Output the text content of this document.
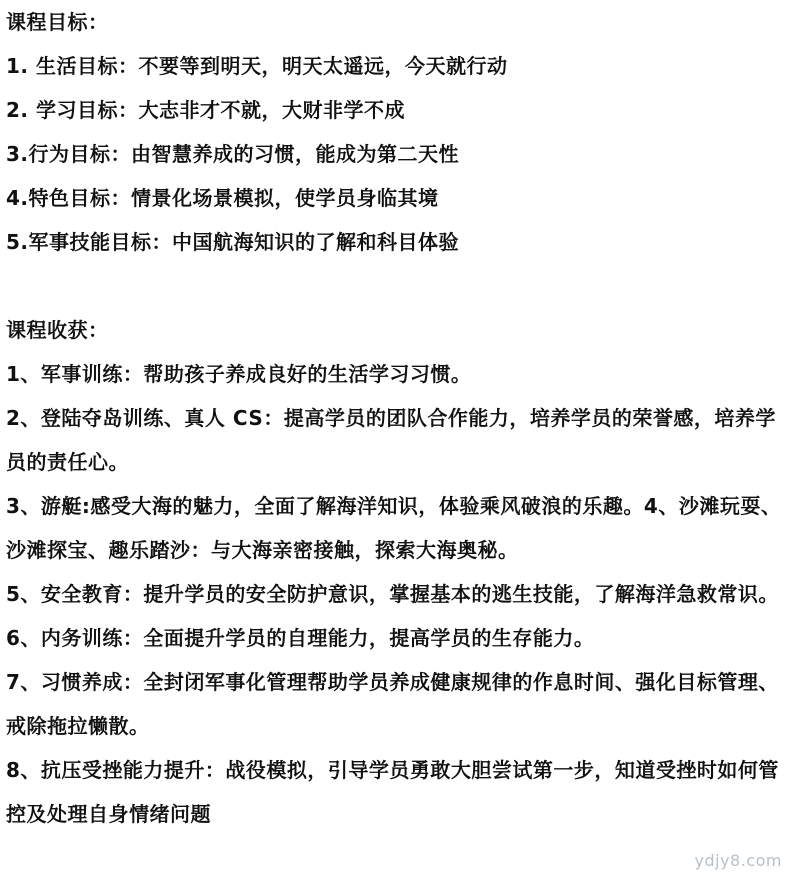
课程目标：
1. 生活目标：不要等到明天，明天太遥远，今天就行动
2. 学习目标：大志非才不就，大财非学不成
3.行为目标：由智慧养成的习惯，能成为第二天性
4.特色目标：情景化场景模拟，使学员身临其境
5.军事技能目标：中国航海知识的了解和科目体验
课程收获：
1、军事训练：帮助孩子养成良好的生活学习习惯。
2、登陆夺岛训练、真人 CS：提高学员的团队合作能力，培养学员的荣誉感，培养学员的责任心。
3、游艇:感受大海的魅力，全面了解海洋知识，体验乘风破浪的乐趣。4、沙滩玩耍、沙滩探宝、趣乐踏沙：与大海亲密接触，探索大海奥秘。
5、安全教育：提升学员的安全防护意识，掌握基本的逃生技能，了解海洋急救常识。
6、内务训练：全面提升学员的自理能力，提高学员的生存能力。
7、习惯养成：全封闭军事化管理帮助学员养成健康规律的作息时间、强化目标管理、戒除拖拉懒散。
8、抗压受挫能力提升：战役模拟，引导学员勇敢大胆尝试第一步，知道受挫时如何管控及处理自身情绪问题
ydjy8.com
